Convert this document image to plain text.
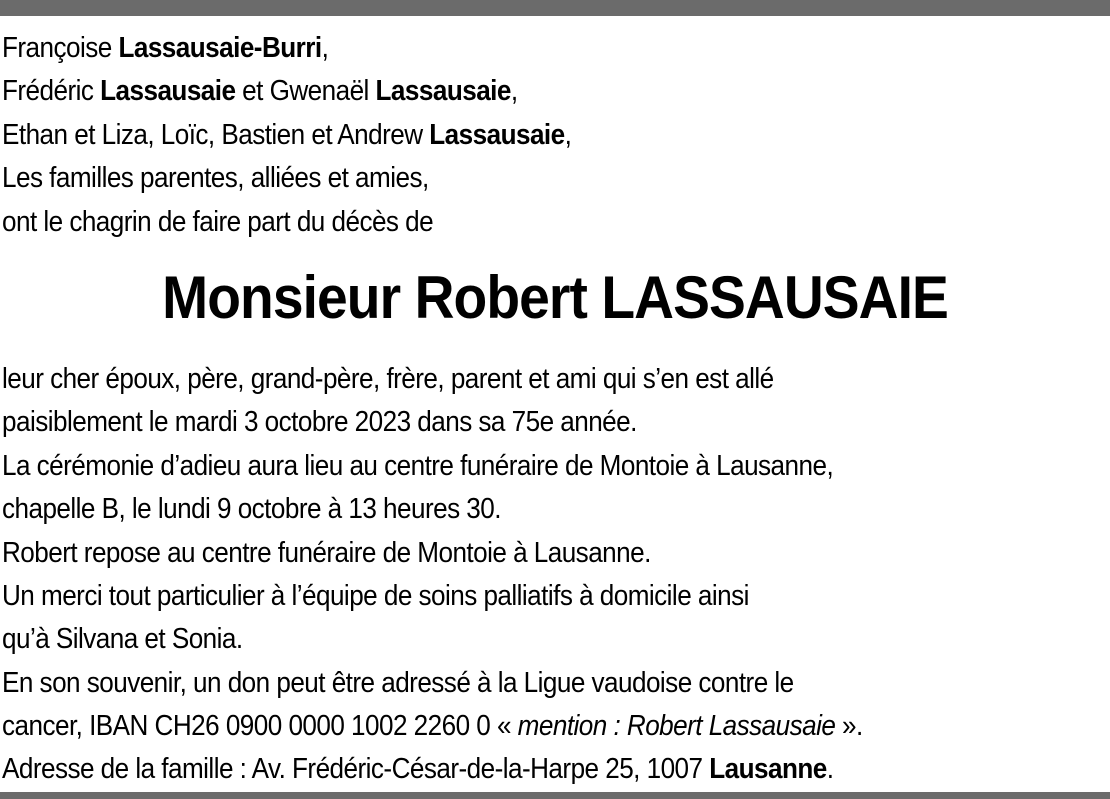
Françoise Lassausaie-Burri,
Frédéric Lassausaie et Gwenaël Lassausaie,
Ethan et Liza, Loïc, Bastien et Andrew Lassausaie,
Les familles parentes, alliées et amies,
ont le chagrin de faire part du décès de
Monsieur Robert LASSAUSAIE
leur cher époux, père, grand-père, frère, parent et ami qui s’en est allé
paisiblement le mardi 3 octobre 2023 dans sa 75e année.
La cérémonie d’adieu aura lieu au centre funéraire de Montoie à Lausanne,
chapelle B, le lundi 9 octobre à 13 heures 30.
Robert repose au centre funéraire de Montoie à Lausanne.
Un merci tout particulier à l’équipe de soins palliatifs à domicile ainsi
qu’à Silvana et Sonia.
En son souvenir, un don peut être adressé à la Ligue vaudoise contre le
cancer, IBAN CH26 0900 0000 1002 2260 0 « mention : Robert Lassausaie ».
Adresse de la famille : Av. Frédéric-César-de-la-Harpe 25, 1007 Lausanne.
